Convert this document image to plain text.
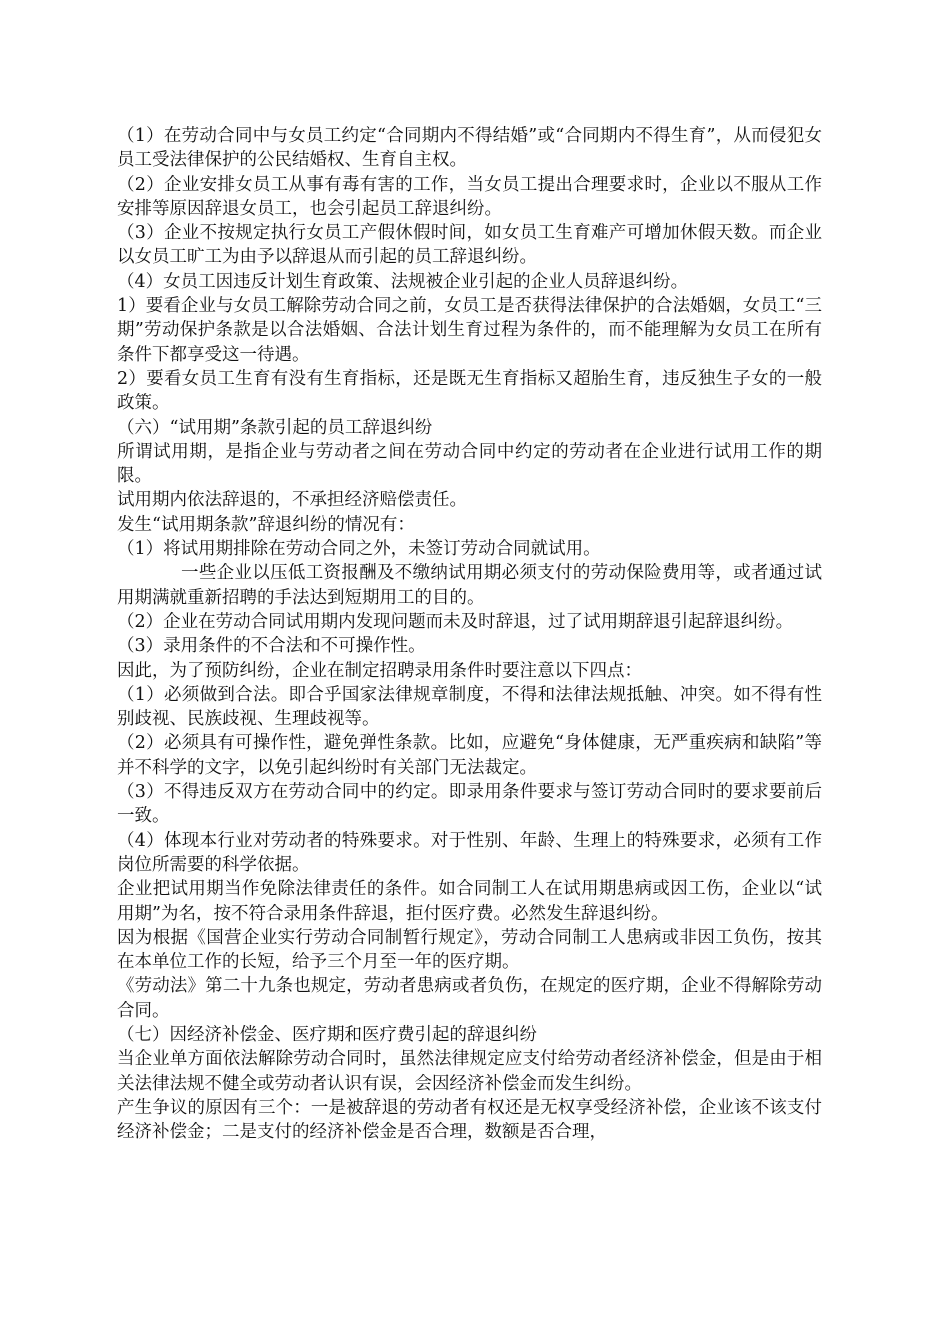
（1）在劳动合同中与女员工约定“合同期内不得结婚”或“合同期内不得生育”，从而侵犯女员工受法律保护的公民结婚权、生育自主权。

（2）企业安排女员工从事有毒有害的工作，当女员工提出合理要求时，企业以不服从工作安排等原因辞退女员工，也会引起员工辞退纠纷。

（3）企业不按规定执行女员工产假休假时间，如女员工生育难产可增加休假天数。而企业以女员工旷工为由予以辞退从而引起的员工辞退纠纷。

（4）女员工因违反计划生育政策、法规被企业引起的企业人员辞退纠纷。

1）要看企业与女员工解除劳动合同之前，女员工是否获得法律保护的合法婚姻，女员工“三期”劳动保护条款是以合法婚姻、合法计划生育过程为条件的，而不能理解为女员工在所有条件下都享受这一待遇。

2）要看女员工生育有没有生育指标，还是既无生育指标又超胎生育，违反独生子女的一般政策。

（六）“试用期”条款引起的员工辞退纠纷

所谓试用期，是指企业与劳动者之间在劳动合同中约定的劳动者在企业进行试用工作的期限。

试用期内依法辞退的，不承担经济赔偿责任。

发生“试用期条款”辞退纠纷的情况有：

（1）将试用期排除在劳动合同之外，未签订劳动合同就试用。

一些企业以压低工资报酬及不缴纳试用期必须支付的劳动保险费用等，或者通过试用期满就重新招聘的手法达到短期用工的目的。

（2）企业在劳动合同试用期内发现问题而未及时辞退，过了试用期辞退引起辞退纠纷。

（3）录用条件的不合法和不可操作性。

因此，为了预防纠纷，企业在制定招聘录用条件时要注意以下四点：

（1）必须做到合法。即合乎国家法律规章制度，不得和法律法规抵触、冲突。如不得有性别歧视、民族歧视、生理歧视等。

（2）必须具有可操作性，避免弹性条款。比如，应避免“身体健康，无严重疾病和缺陷”等并不科学的文字，以免引起纠纷时有关部门无法裁定。

（3）不得违反双方在劳动合同中的约定。即录用条件要求与签订劳动合同时的要求要前后一致。

（4）体现本行业对劳动者的特殊要求。对于性别、年龄、生理上的特殊要求，必须有工作岗位所需要的科学依据。

企业把试用期当作免除法律责任的条件。如合同制工人在试用期患病或因工伤，企业以“试用期”为名，按不符合录用条件辞退，拒付医疗费。必然发生辞退纠纷。

因为根据《国营企业实行劳动合同制暂行规定》，劳动合同制工人患病或非因工负伤，按其在本单位工作的长短，给予三个月至一年的医疗期。

《劳动法》第二十九条也规定，劳动者患病或者负伤，在规定的医疗期，企业不得解除劳动合同。

（七）因经济补偿金、医疗期和医疗费引起的辞退纠纷

当企业单方面依法解除劳动合同时，虽然法律规定应支付给劳动者经济补偿金，但是由于相关法律法规不健全或劳动者认识有误，会因经济补偿金而发生纠纷。

产生争议的原因有三个：一是被辞退的劳动者有权还是无权享受经济补偿，企业该不该支付经济补偿金；二是支付的经济补偿金是否合理，数额是否合理，
